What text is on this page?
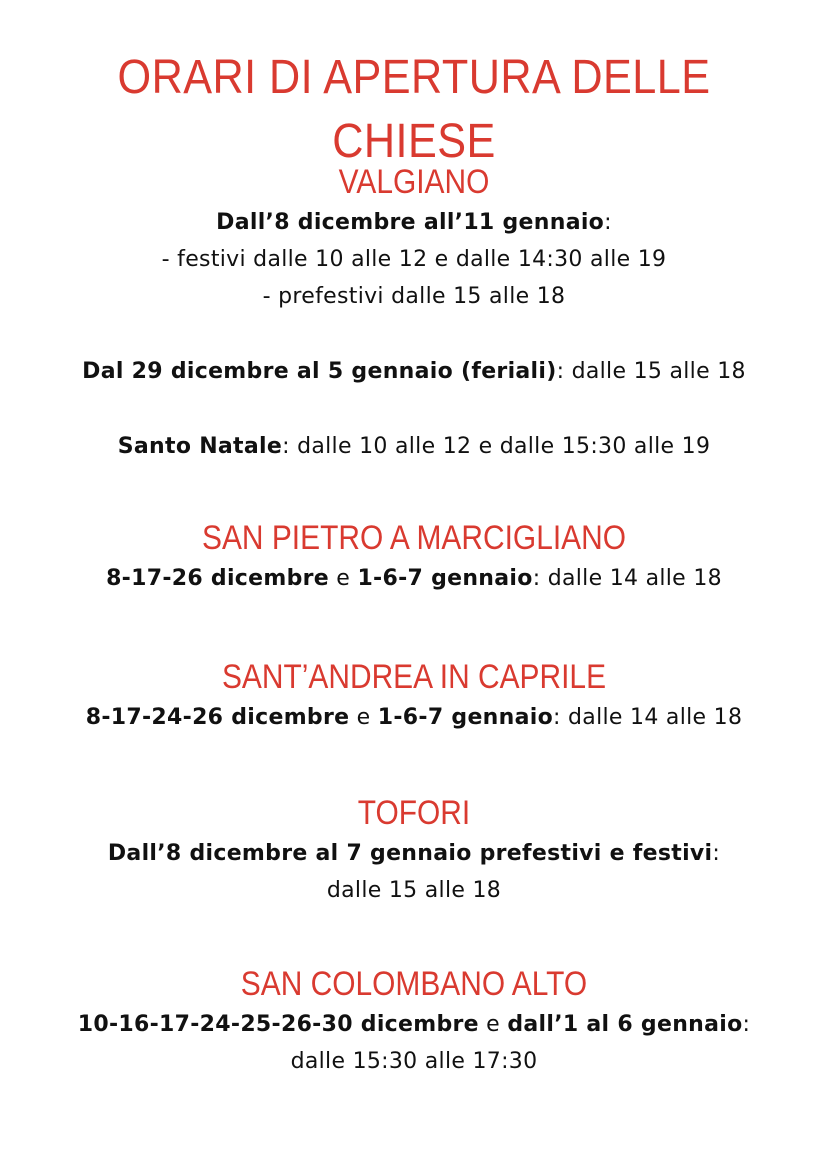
ORARI DI APERTURA DELLE CHIESE
VALGIANO
Dall’8 dicembre all’11 gennaio:
- festivi dalle 10 alle 12 e dalle 14:30 alle 19
- prefestivi dalle 15 alle 18
Dal 29 dicembre al 5 gennaio (feriali): dalle 15 alle 18
Santo Natale: dalle 10 alle 12 e dalle 15:30 alle 19
SAN PIETRO A MARCIGLIANO
8-17-26 dicembre e 1-6-7 gennaio: dalle 14 alle 18
SANT’ANDREA IN CAPRILE
8-17-24-26 dicembre e 1-6-7 gennaio: dalle 14 alle 18
TOFORI
Dall’8 dicembre al 7 gennaio prefestivi e festivi:
dalle 15 alle 18
SAN COLOMBANO ALTO
10-16-17-24-25-26-30 dicembre e dall’1 al 6 gennaio:
dalle 15:30 alle 17:30
